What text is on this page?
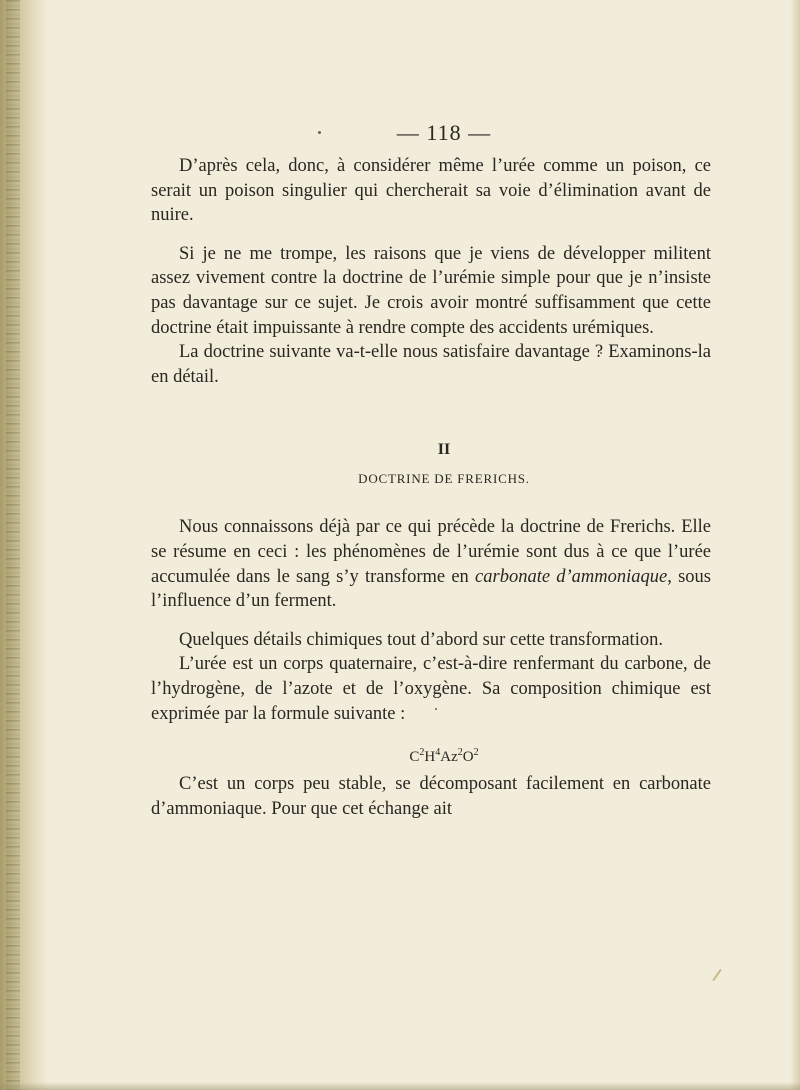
— 118 —

D’après cela, donc, à considérer même l’urée comme un poison, ce serait un poison singulier qui chercherait sa voie d’élimination avant de nuire.

Si je ne me trompe, les raisons que je viens de développer militent assez vivement contre la doctrine de l’urémie simple pour que je n’insiste pas davantage sur ce sujet. Je crois avoir montré suffisamment que cette doctrine était impuissante à rendre compte des accidents urémiques.

La doctrine suivante va-t-elle nous satisfaire davantage ? Examinons-la en détail.

II
DOCTRINE DE FRERICHS.

Nous connaissons déjà par ce qui précède la doctrine de Frerichs. Elle se résume en ceci : les phénomènes de l’urémie sont dus à ce que l’urée accumulée dans le sang s’y transforme en carbonate d’ammoniaque, sous l’influence d’un ferment.

Quelques détails chimiques tout d’abord sur cette transformation.

L’urée est un corps quaternaire, c’est-à-dire renfermant du carbone, de l’hydrogène, de l’azote et de l’oxygène. Sa composition chimique est exprimée par la formule suivante :

$C^2H^4Az^2O^2$

C’est un corps peu stable, se décomposant facilement en carbonate d’ammoniaque. Pour que cet échange ait
